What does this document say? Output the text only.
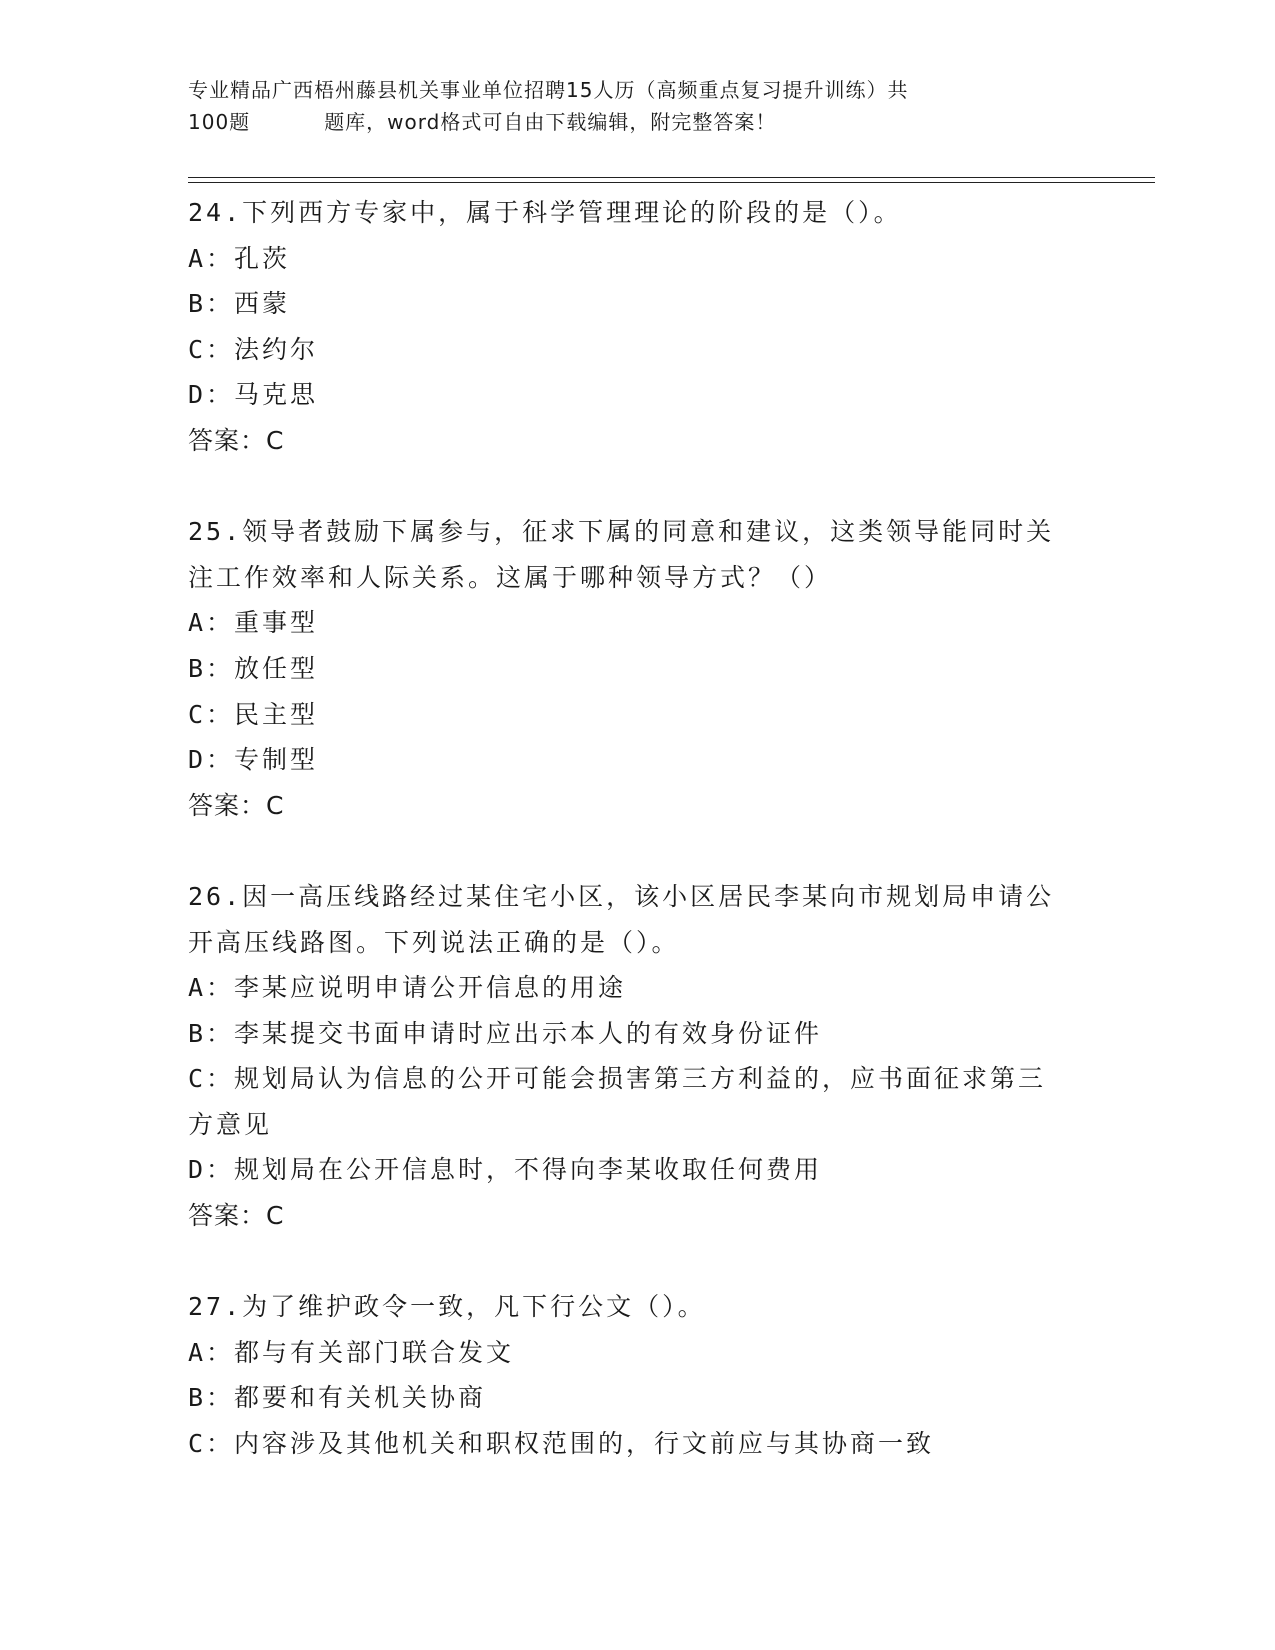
专业精品广西梧州藤县机关事业单位招聘15人历（高频重点复习提升训练）共
100题	题库，word格式可自由下载编辑，附完整答案！

24.下列西方专家中，属于科学管理理论的阶段的是（）。

A：孔茨

B：西蒙

C：法约尔

D：马克思

答案：C

25.领导者鼓励下属参与，征求下属的同意和建议，这类领导能同时关

注工作效率和人际关系。这属于哪种领导方式？（）

A：重事型

B：放任型

C：民主型

D：专制型

答案：C

26.因一高压线路经过某住宅小区，该小区居民李某向市规划局申请公

开高压线路图。下列说法正确的是（）。

A：李某应说明申请公开信息的用途

B：李某提交书面申请时应出示本人的有效身份证件

C：规划局认为信息的公开可能会损害第三方利益的，应书面征求第三

方意见

D：规划局在公开信息时，不得向李某收取任何费用

答案：C

27.为了维护政令一致，凡下行公文（）。

A：都与有关部门联合发文

B：都要和有关机关协商

C：内容涉及其他机关和职权范围的，行文前应与其协商一致
